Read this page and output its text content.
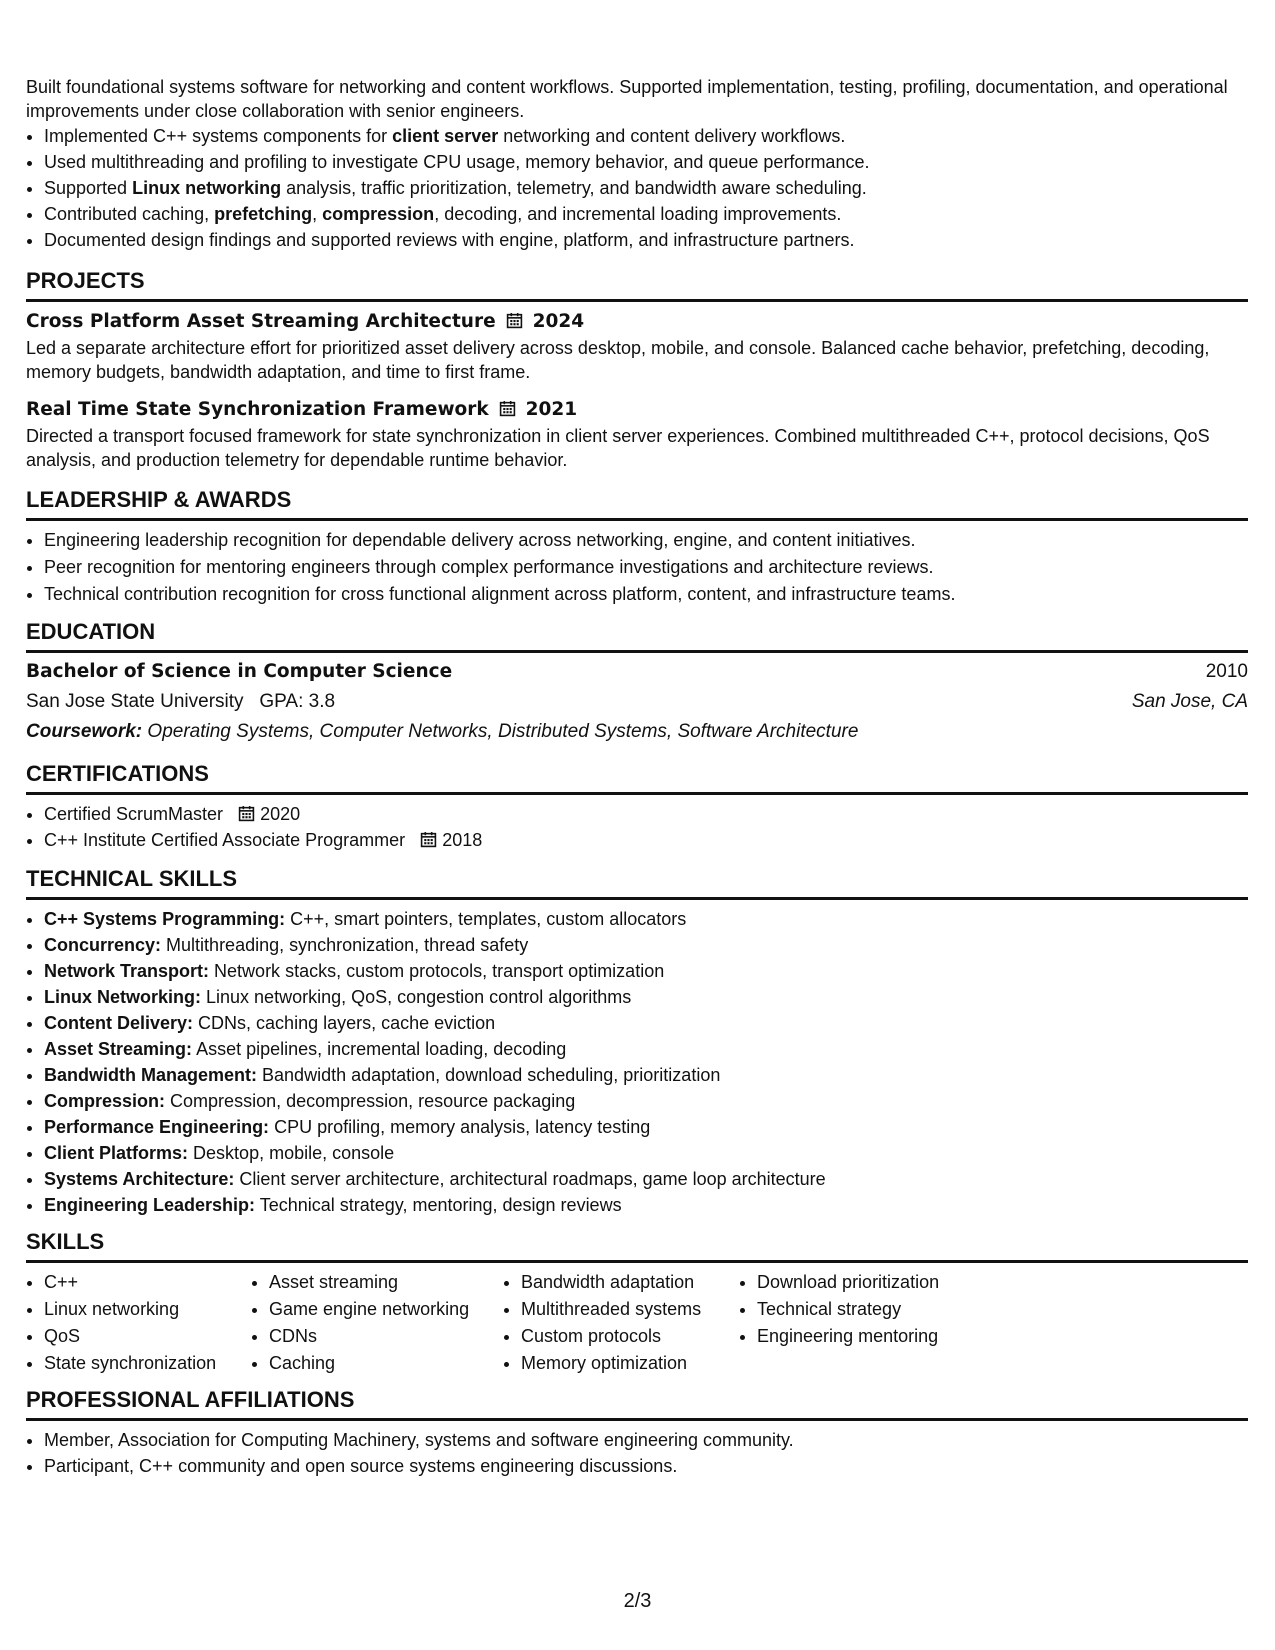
Built foundational systems software for networking and content workflows. Supported implementation, testing, profiling, documentation, and operational improvements under close collaboration with senior engineers.

• Implemented C++ systems components for client server networking and content delivery workflows.
• Used multithreading and profiling to investigate CPU usage, memory behavior, and queue performance.
• Supported Linux networking analysis, traffic prioritization, telemetry, and bandwidth aware scheduling.
• Contributed caching, prefetching, compression, decoding, and incremental loading improvements.
• Documented design findings and supported reviews with engine, platform, and infrastructure partners.
PROJECTS
Cross Platform Asset Streaming Architecture 2024

Led a separate architecture effort for prioritized asset delivery across desktop, mobile, and console. Balanced cache behavior, prefetching, decoding, memory budgets, bandwidth adaptation, and time to first frame.

Real Time State Synchronization Framework 2021

Directed a transport focused framework for state synchronization in client server experiences. Combined multithreaded C++, protocol decisions, QoS analysis, and production telemetry for dependable runtime behavior.

LEADERSHIP & AWARDS
• Engineering leadership recognition for dependable delivery across networking, engine, and content initiatives.
• Peer recognition for mentoring engineers through complex performance investigations and architecture reviews.
• Technical contribution recognition for cross functional alignment across platform, content, and infrastructure teams.
EDUCATION
Bachelor of Science in Computer Science	2010
San Jose State University GPA: 3.8	San Jose, CA
Coursework: Operating Systems, Computer Networks, Distributed Systems, Software Architecture
CERTIFICATIONS
• Certified ScrumMaster 2020
• C++ Institute Certified Associate Programmer 2018
TECHNICAL SKILLS
• C++ Systems Programming: C++, smart pointers, templates, custom allocators
• Concurrency: Multithreading, synchronization, thread safety
• Network Transport: Network stacks, custom protocols, transport optimization
• Linux Networking: Linux networking, QoS, congestion control algorithms
• Content Delivery: CDNs, caching layers, cache eviction
• Asset Streaming: Asset pipelines, incremental loading, decoding
• Bandwidth Management: Bandwidth adaptation, download scheduling, prioritization
• Compression: Compression, decompression, resource packaging
• Performance Engineering: CPU profiling, memory analysis, latency testing
• Client Platforms: Desktop, mobile, console
• Systems Architecture: Client server architecture, architectural roadmaps, game loop architecture
• Engineering Leadership: Technical strategy, mentoring, design reviews
SKILLS
• C++
• Linux networking
• QoS
• State synchronization
• Asset streaming
• Game engine networking
• CDNs
• Caching
• Bandwidth adaptation
• Multithreaded systems
• Custom protocols
• Memory optimization
• Download prioritization
• Technical strategy
• Engineering mentoring
PROFESSIONAL AFFILIATIONS
• Member, Association for Computing Machinery, systems and software engineering community.
• Participant, C++ community and open source systems engineering discussions.
2/3
